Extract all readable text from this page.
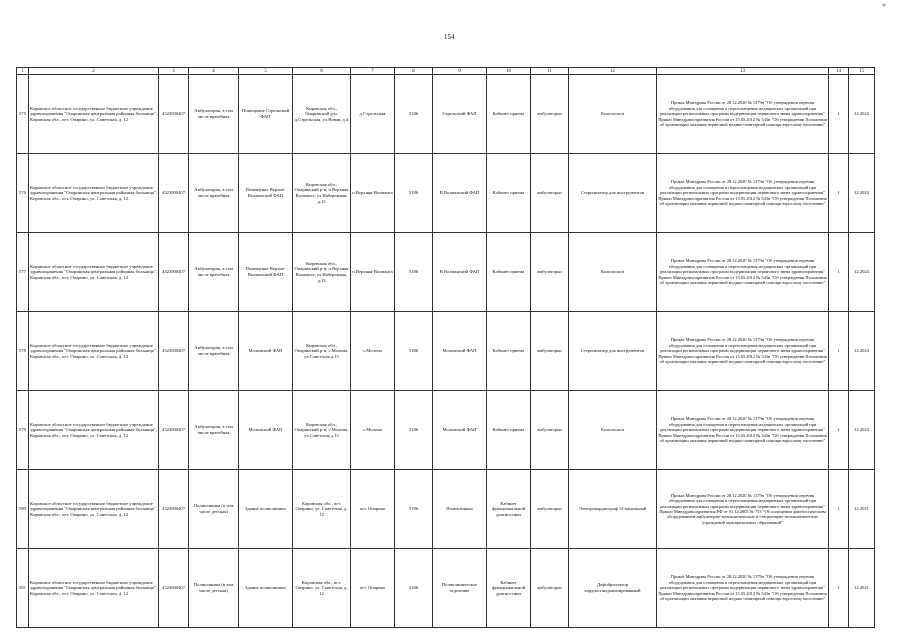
*
154
1	2	3	4	5	6	7	8	9	10	11	12	13	14	15
575	Кировское областное государственное бюджетное учреждение здравоохранения "Опаринская центральная районная больница", Кировская обл., пгт. Опарино, ул. Советская, д. 12	4323000407	Амбулатория, в том числе врачебная	Помещение Стрельский ФАП	Кировская обл., Опаринский р-н, д.Стрельская, ул.Новая, д.4	д.Стрельская	5186	Стрельский ФАП	Кабинет приема	амбулаторно	Кольпоскоп	Приказ Минздрава России от 28.12.2020 № 1379н "Об утверждении перечня оборудования для оснащения и переоснащения медицинских организаций при реализации региональных программ модернизации первичного звена здравоохранения" Приказ Минздравсоцразвития России от 15.05.2012 № 543н "Об утверждении Положения об организации оказания первичной медико-санитарной помощи взрослому населению"	1	12.2022
576	Кировское областное государственное бюджетное учреждение здравоохранения "Опаринская центральная районная больница", Кировская обл., пгт. Опарино, ул. Советская, д. 12	4323000407	Амбулатория, в том числе врачебная	Помещение Верхне-Волманский ФАП	Кировская обл., Опаринский р-н, п.Верхняя Волманга, ул.Набережная, д.13	п.Верхняя-Волманга	5186	В.Волманский ФАП	Кабинет приема	амбулаторно	Стерилизатор для инструментов	Приказ Минздрава России от 28.12.2020 № 1379н "Об утверждении перечня оборудования для оснащения и переоснащения медицинских организаций при реализации региональных программ модернизации первичного звена здравоохранения" Приказ Минздравсоцразвития России от 15.05.2012 № 543н "Об утверждении Положения об организации оказания первичной медико-санитарной помощи взрослому населению"	1	12.2024
577	Кировское областное государственное бюджетное учреждение здравоохранения "Опаринская центральная районная больница", Кировская обл., пгт. Опарино, ул. Советская, д. 12	4323000407	Амбулатория, в том числе врачебная	Помещение Верхне-Волманский ФАП	Кировская обл., Опаринский р-н, п.Верхняя Волманга, ул.Набережная, д.13	п.Верхняя-Волманга	5186	В.Волманский ФАП	Кабинет приема	амбулаторно	Кольпоскоп	Приказ Минздрава России от 28.12.2020 № 1379н "Об утверждении перечня оборудования для оснащения и переоснащения медицинских организаций при реализации региональных программ модернизации первичного звена здравоохранения" Приказ Минздравсоцразвития России от 15.05.2012 № 543н "Об утверждении Положения об организации оказания первичной медико-санитарной помощи взрослому населению"	1	12.2024
578	Кировское областное государственное бюджетное учреждение здравоохранения "Опаринская центральная районная больница", Кировская обл., пгт. Опарино, ул. Советская, д. 12	4323000407	Амбулатория, в том числе врачебная	Моломский ФАП	Кировская обл., Опаринский р-н, с.Молома, ул.Советская д.15	с.Молома	5186	Моломский ФАП	Кабинет приема	амбулаторно	Стерилизатор для инструментов	Приказ Минздрава России от 28.12.2020 № 1379н "Об утверждении перечня оборудования для оснащения и переоснащения медицинских организаций при реализации региональных программ модернизации первичного звена здравоохранения" Приказ Минздравсоцразвития России от 15.05.2012 № 543н "Об утверждении Положения об организации оказания первичной медико-санитарной помощи взрослому населению"	1	12.2024
579	Кировское областное государственное бюджетное учреждение здравоохранения "Опаринская центральная районная больница", Кировская обл., пгт. Опарино, ул. Советская, д. 12	4323000407	Амбулатория, в том числе врачебная	Моломский ФАП	Кировская обл., Опаринский р-н, с.Молома, ул.Советская д.15	с.Молома	5186	Моломский ФАП	Кабинет приема	амбулаторно	Кольпоскоп	Приказ Минздрава России от 28.12.2020 № 1379н "Об утверждении перечня оборудования для оснащения и переоснащения медицинских организаций при реализации региональных программ модернизации первичного звена здравоохранения" Приказ Минздравсоцразвития России от 15.05.2012 № 543н "Об утверждении Положения об организации оказания первичной медико-санитарной помощи взрослому населению"	1	12.2024
580	Кировское областное государственное бюджетное учреждение здравоохранения "Опаринская центральная районная больница", Кировская обл., пгт. Опарино, ул. Советская, д. 12	4323000407	Поликлиника (в том числе детская)	Здание поликлиники	Кировская обл., пгт. Опарино, ул. Советская, д. 12	пгт. Опарино	5186	Поликлиника	Кабинет функциональной диагностики	амбулаторно	Электрокардиограф 12-канальный	Приказ Минздрава России от 28.12.2020 № 1379н "Об утверждении перечня оборудования для оснащения и переоснащения медицинских организаций при реализации региональных программ модернизации первичного звена здравоохранения" Приказ Минздравсоцразвития РФ от 01.12.2005 № 753 "Об оснащении диагностическим оборудованием амбулаторно-поликлинических и стационарно-поликлинических учреждений муниципальных образований"	1	12.2021
581	Кировское областное государственное бюджетное учреждение здравоохранения "Опаринская центральная районная больница", Кировская обл., пгт. Опарино, ул. Советская, д. 12	4323000407	Поликлиника (в том числе детская)	Здание поликлиники	Кировская обл., пгт. Опарино, ул. Советская, д. 12	пгт. Опарино	5186	Поликлиническое отделение	Кабинет функциональной диагностики	амбулаторно	Дефибриллятор кардиосинхронизированный	Приказ Минздрава России от 28.12.2020 № 1379н "Об утверждении перечня оборудования для оснащения и переоснащения медицинских организаций при реализации региональных программ модернизации первичного звена здравоохранения" Приказ Минздравсоцразвития России от 15.05.2012 № 543н "Об утверждении Положения об организации оказания первичной медико-санитарной помощи взрослому населению"	1	12.2021
